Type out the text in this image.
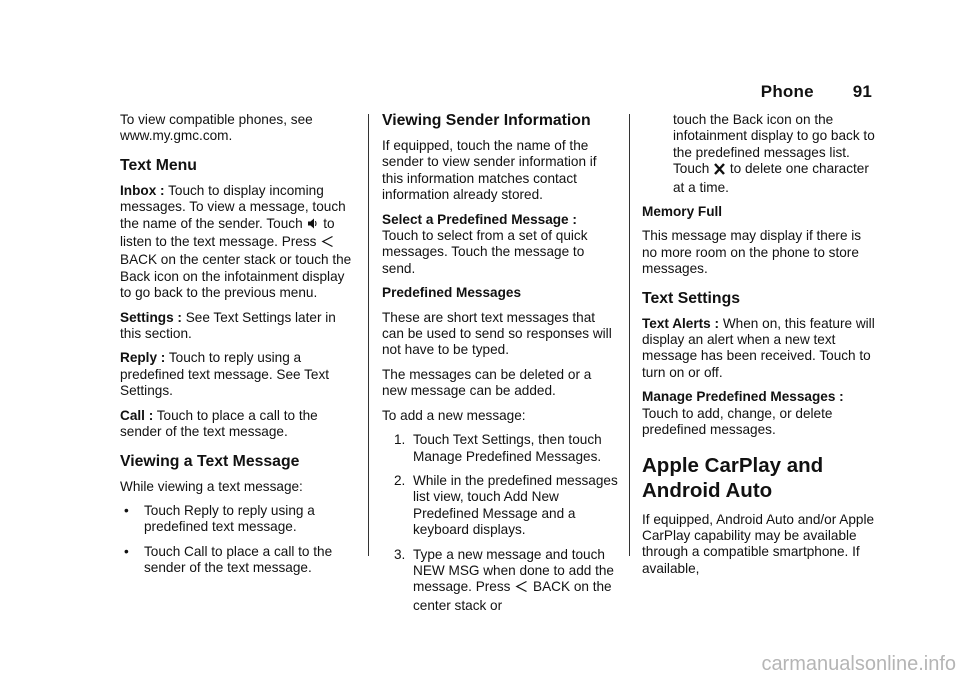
Phone 91

To view compatible phones, see www.my.gmc.com.

Text Menu

Inbox : Touch to display incoming messages. To view a message, touch the name of the sender. Touch to listen to the text message. Press  BACK on the center stack or touch the Back icon on the infotainment display to go back to the previous menu.

Settings : See Text Settings later in this section.

Reply : Touch to reply using a predefined text message. See Text Settings.

Call : Touch to place a call to the sender of the text message.

Viewing a Text Message

While viewing a text message:

• Touch Reply to reply using a predefined text message.
• Touch Call to place a call to the sender of the text message.
Viewing Sender Information

If equipped, touch the name of the sender to view sender information if this information matches contact information already stored.

Select a Predefined Message :
Touch to select from a set of quick messages. Touch the message to send.

Predefined Messages

These are short text messages that can be used to send so responses will not have to be typed.

The messages can be deleted or a new message can be added.

To add a new message:

1. Touch Text Settings, then touch Manage Predefined Messages.
2. While in the predefined messages list view, touch Add New Predefined Message and a keyboard displays.
3. Type a new message and touch NEW MSG when done to add the message. Press BACK on the center stack or

touch the Back icon on the infotainment display to go back to the predefined messages list. Touch to delete one character at a time.

Memory Full

This message may display if there is no more room on the phone to store messages.

Text Settings

Text Alerts : When on, this feature will display an alert when a new text message has been received. Touch to turn on or off.

Manage Predefined Messages :
Touch to add, change, or delete predefined messages.

Apple CarPlay and
Android Auto

If equipped, Android Auto and/or Apple CarPlay capability may be available through a compatible smartphone. If available,

carmanualsonline.info
